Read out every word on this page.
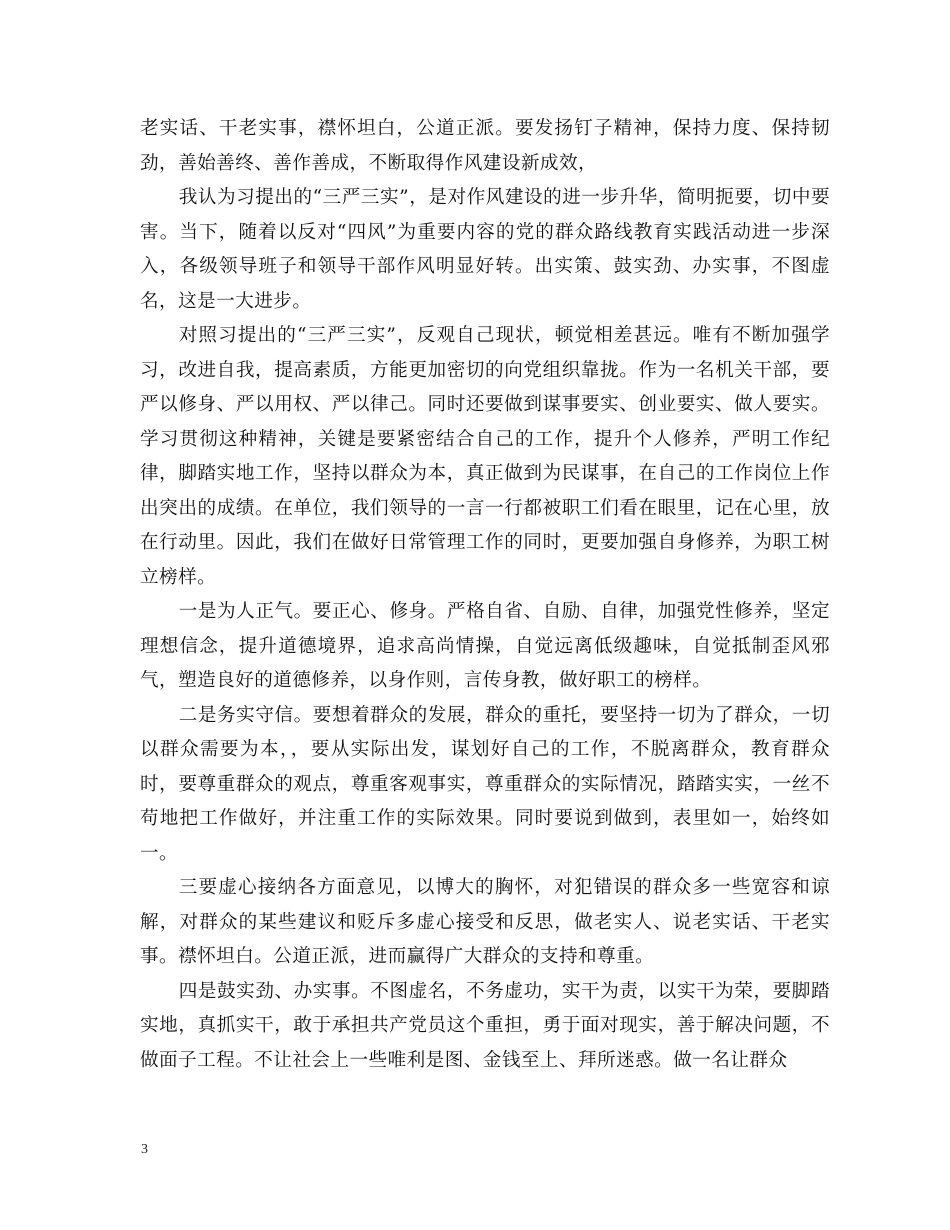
老实话、干老实事，襟怀坦白，公道正派。要发扬钉子精神，保持力度、保持韧劲，善始善终、善作善成，不断取得作风建设新成效，

我认为习提出的“三严三实”，是对作风建设的进一步升华，简明扼要，切中要害。当下，随着以反对“四风”为重要内容的党的群众路线教育实践活动进一步深入，各级领导班子和领导干部作风明显好转。出实策、鼓实劲、办实事，不图虚名，这是一大进步。

对照习提出的“三严三实”，反观自己现状，顿觉相差甚远。唯有不断加强学习，改进自我，提高素质，方能更加密切的向党组织靠拢。作为一名机关干部，要严以修身、严以用权、严以律己。同时还要做到谋事要实、创业要实、做人要实。学习贯彻这种精神，关键是要紧密结合自己的工作，提升个人修养，严明工作纪律，脚踏实地工作，坚持以群众为本，真正做到为民谋事，在自己的工作岗位上作出突出的成绩。在单位，我们领导的一言一行都被职工们看在眼里，记在心里，放在行动里。因此，我们在做好日常管理工作的同时，更要加强自身修养，为职工树立榜样。

一是为人正气。要正心、修身。严格自省、自励、自律，加强党性修养，坚定理想信念，提升道德境界，追求高尚情操，自觉远离低级趣味，自觉抵制歪风邪气，塑造良好的道德修养，以身作则，言传身教，做好职工的榜样。

二是务实守信。要想着群众的发展，群众的重托，要坚持一切为了群众，一切以群众需要为本，，要从实际出发，谋划好自己的工作，不脱离群众，教育群众时，要尊重群众的观点，尊重客观事实，尊重群众的实际情况，踏踏实实，一丝不苟地把工作做好，并注重工作的实际效果。同时要说到做到，表里如一，始终如一。

三要虚心接纳各方面意见，以博大的胸怀，对犯错误的群众多一些宽容和谅解，对群众的某些建议和贬斥多虚心接受和反思，做老实人、说老实话、干老实事。襟怀坦白。公道正派，进而赢得广大群众的支持和尊重。

四是鼓实劲、办实事。不图虚名，不务虚功，实干为责，以实干为荣，要脚踏实地，真抓实干，敢于承担共产党员这个重担，勇于面对现实，善于解决问题，不做面子工程。不让社会上一些唯利是图、金钱至上、拜所迷惑。做一名让群众

3
